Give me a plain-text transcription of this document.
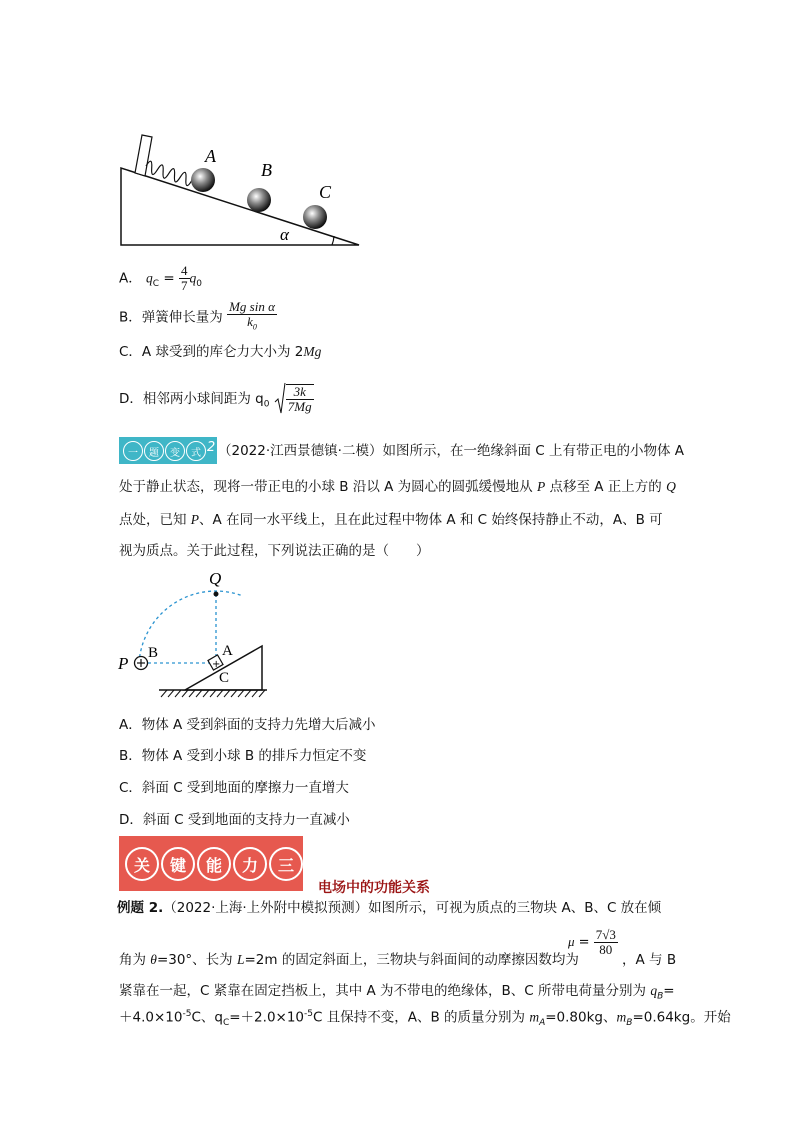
A
B
C
α
A． $q_C = \frac{4}{7} q_0$
B．弹簧伸长量为 $\frac{\text{Mg sin α}}{k_0}$
C．A 球受到的库仑力大小为 2Mg
D．相邻两小球间距为 $q_0 \frac{3k}{7Mg}$
一	题	变	式 2 （2022·江西景德镇·二模）如图所示，在一绝缘斜面 C 上有带正电的小物体 A
处于静止状态，现将一带正电的小球 B 沿以 A 为圆心的圆弧缓慢地从 P 点移至 A 正上方的 Q
点处，已知 P、A 在同一水平线上，且在此过程中物体 A 和 C 始终保持静止不动，A、B 可
视为质点。关于此过程，下列说法正确的是（　　）
+
Q
P
B	A
C
A．物体 A 受到斜面的支持力先增大后减小
B．物体 A 受到小球 B 的排斥力恒定不变
C．斜面 C 受到地面的摩擦力一直增大
D．斜面 C 受到地面的支持力一直减小
关	键	能	力	三
电场中的功能关系
例题 2.（2022·上海·上外附中模拟预测）如图所示，可视为质点的三物块 A、B、C 放在倾
角为 θ=30°、长为 L=2m 的固定斜面上，三物块与斜面间的动摩擦因数均为
$\mu = \frac{7√3}{80}$
，A 与 B
紧靠在一起，C 紧靠在固定挡板上，其中 A 为不带电的绝缘体，B、C 所带电荷量分别为 $q_B=$
$+4.0\times 10^{-5}C$、$q_C=+2.0\times 10^{-5}C$ 且保持不变，A、B 的质量分别为 $m_A=0.80kg$、$m_B=0.64kg$。开始
